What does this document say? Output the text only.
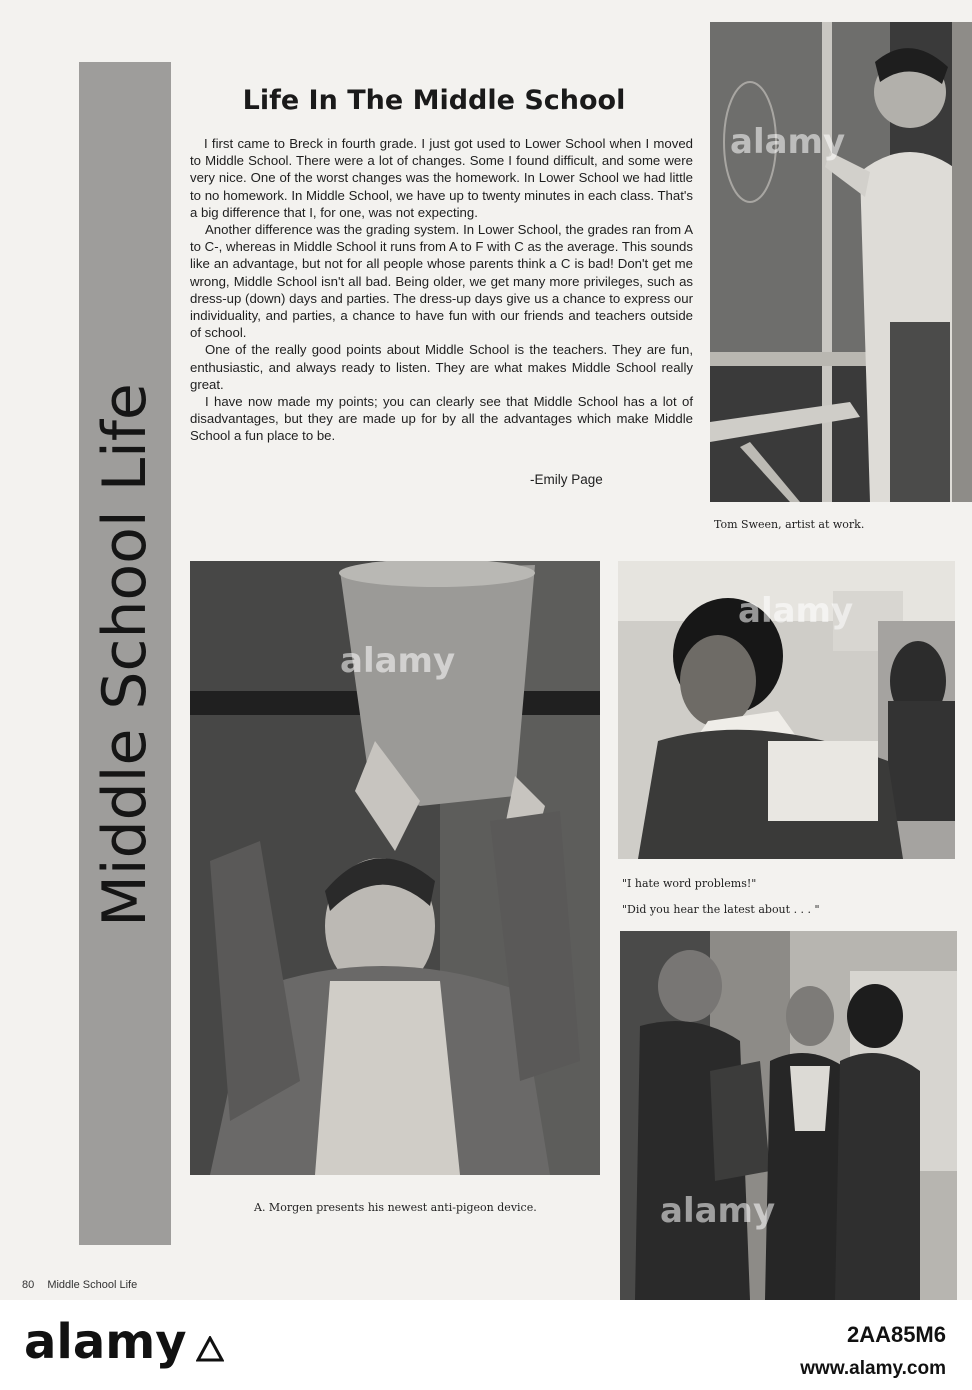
Middle School Life
Life In The Middle School

I first came to Breck in fourth grade. I just got used to Lower School when I moved to Middle School. There were a lot of changes. Some I found difficult, and some were very nice. One of the worst changes was the homework. In Lower School we had little to no homework. In Middle School, we have up to twenty minutes in each class. That's a big difference that I, for one, was not expecting.

Another difference was the grading system. In Lower School, the grades ran from A to C-, whereas in Middle School it runs from A to F with C as the average. This sounds like an advantage, but not for all people whose parents think a C is bad! Don't get me wrong, Middle School isn't all bad. Being older, we get many more privileges, such as dress-up (down) days and parties. The dress-up days give us a chance to express our individuality, and parties, a chance to have fun with our friends and teachers outside of school.

One of the really good points about Middle School is the teachers. They are fun, enthusiastic, and always ready to listen. They are what makes Middle School really great.

I have now made my points; you can clearly see that Middle School has a lot of disadvantages, but they are made up for by all the advantages which make Middle School a fun place to be.

-Emily Page
alamy
Tom Sween, artist at work.
alamy
A. Morgen presents his newest anti-pigeon device.
alamy
"I hate word problems!"
"Did you hear the latest about . . . "
alamy
80 Middle School Life
alamy	2AA85M6
www.alamy.com
